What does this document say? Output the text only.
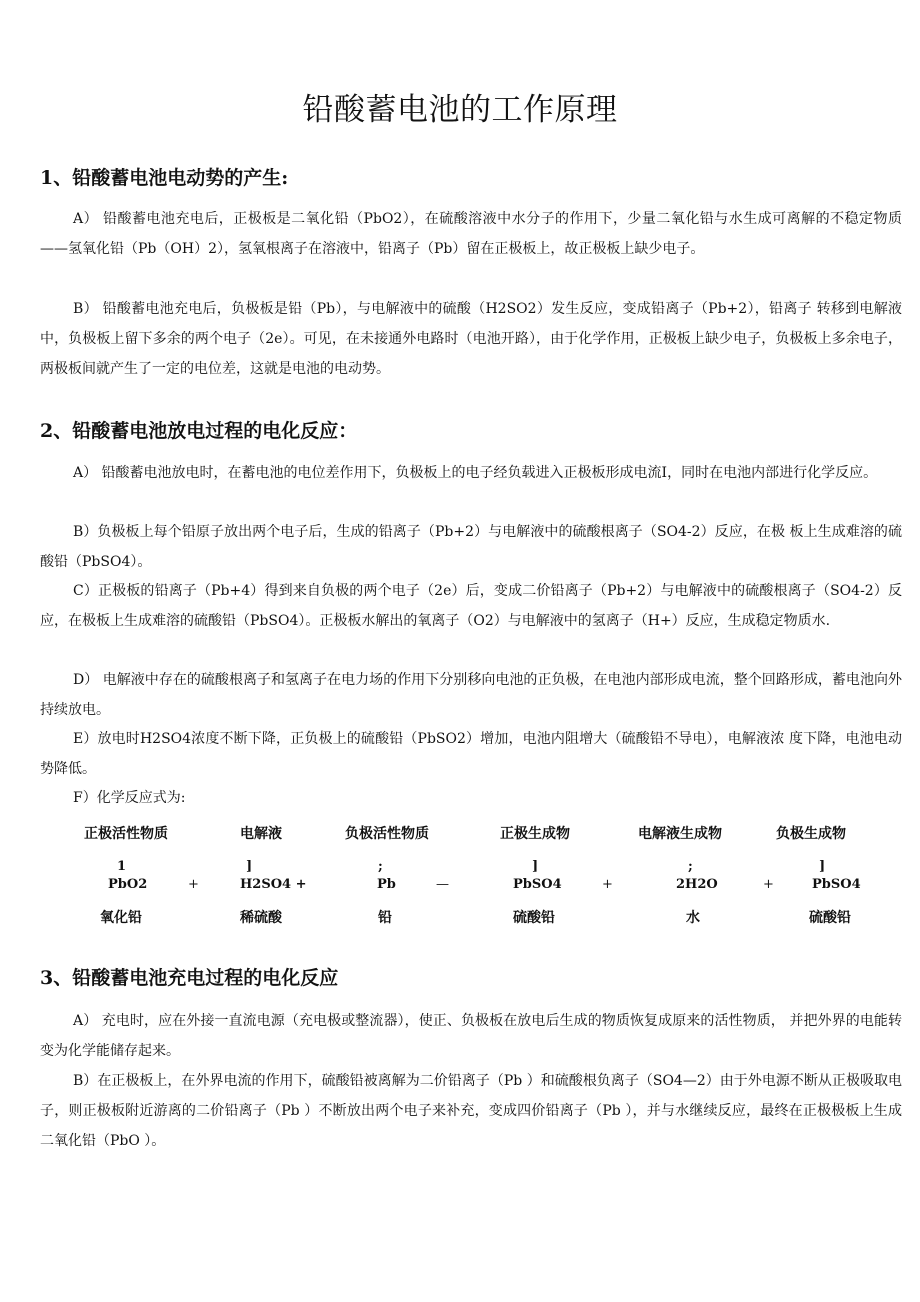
铅酸蓄电池的工作原理
1、铅酸蓄电池电动势的产生:

A） 铅酸蓄电池充电后，正极板是二氧化铅（PbO2），在硫酸溶液中水分子的作用下，少量二氧化铅与水生成可离解的不稳定物质——氢氧化铅（Pb（OH）2），氢氧根离子在溶液中，铅离子（Pb）留在正极板上，故正极板上缺少电子。

B） 铅酸蓄电池充电后，负极板是铅（Pb），与电解液中的硫酸（H2SO2）发生反应，变成铅离子（Pb+2），铅离子 转移到电解液中，负极板上留下多余的两个电子（2e）。可见，在未接通外电路时（电池开路），由于化学作用，正极板上缺少电子，负极板上多余电子，两极板间就产生了一定的电位差，这就是电池的电动势。

2、铅酸蓄电池放电过程的电化反应：

A） 铅酸蓄电池放电时，在蓄电池的电位差作用下，负极板上的电子经负载进入正极板形成电流I，同时在电池内部进行化学反应。

B）负极板上每个铅原子放出两个电子后，生成的铅离子（Pb+2）与电解液中的硫酸根离子（SO4-2）反应，在极 板上生成难溶的硫酸铅（PbSO4）。

C）正极板的铅离子（Pb+4）得到来自负极的两个电子（2e）后，变成二价铅离子（Pb+2）与电解液中的硫酸根离子（SO4-2）反应，在极板上生成难溶的硫酸铅（PbSO4）。正极板水解出的氧离子（O2）与电解液中的氢离子（H+）反应，生成稳定物质水.

D） 电解液中存在的硫酸根离子和氢离子在电力场的作用下分别移向电池的正负极，在电池内部形成电流，整个回路形成，蓄电池向外持续放电。

E）放电时H2SO4浓度不断下降，正负极上的硫酸铅（PbSO2）增加，电池内阻增大（硫酸铅不导电），电解液浓 度下降，电池电动势降低。

F）化学反应式为:

正极活性物质	电解液	负极活性物质	正极生成物	电解液生成物	负极生成物
1	]	;	]	;	]
PbO2	+	H2SO4 +	Pb	—	PbSO4	+	2H2O	+	PbSO4
氧化铅	稀硫酸	铅	硫酸铅	水	硫酸铅
3、铅酸蓄电池充电过程的电化反应

A） 充电时，应在外接一直流电源（充电极或整流器），使正、负极板在放电后生成的物质恢复成原来的活性物质， 并把外界的电能转变为化学能储存起来。

B）在正极板上，在外界电流的作用下，硫酸铅被离解为二价铅离子（Pb ）和硫酸根负离子（SO4—2）由于外电源不断从正极吸取电子，则正极板附近游离的二价铅离子（Pb ）不断放出两个电子来补充，变成四价铅离子（Pb ），并与水继续反应，最终在正极极板上生成二氧化铅（PbO ）。
